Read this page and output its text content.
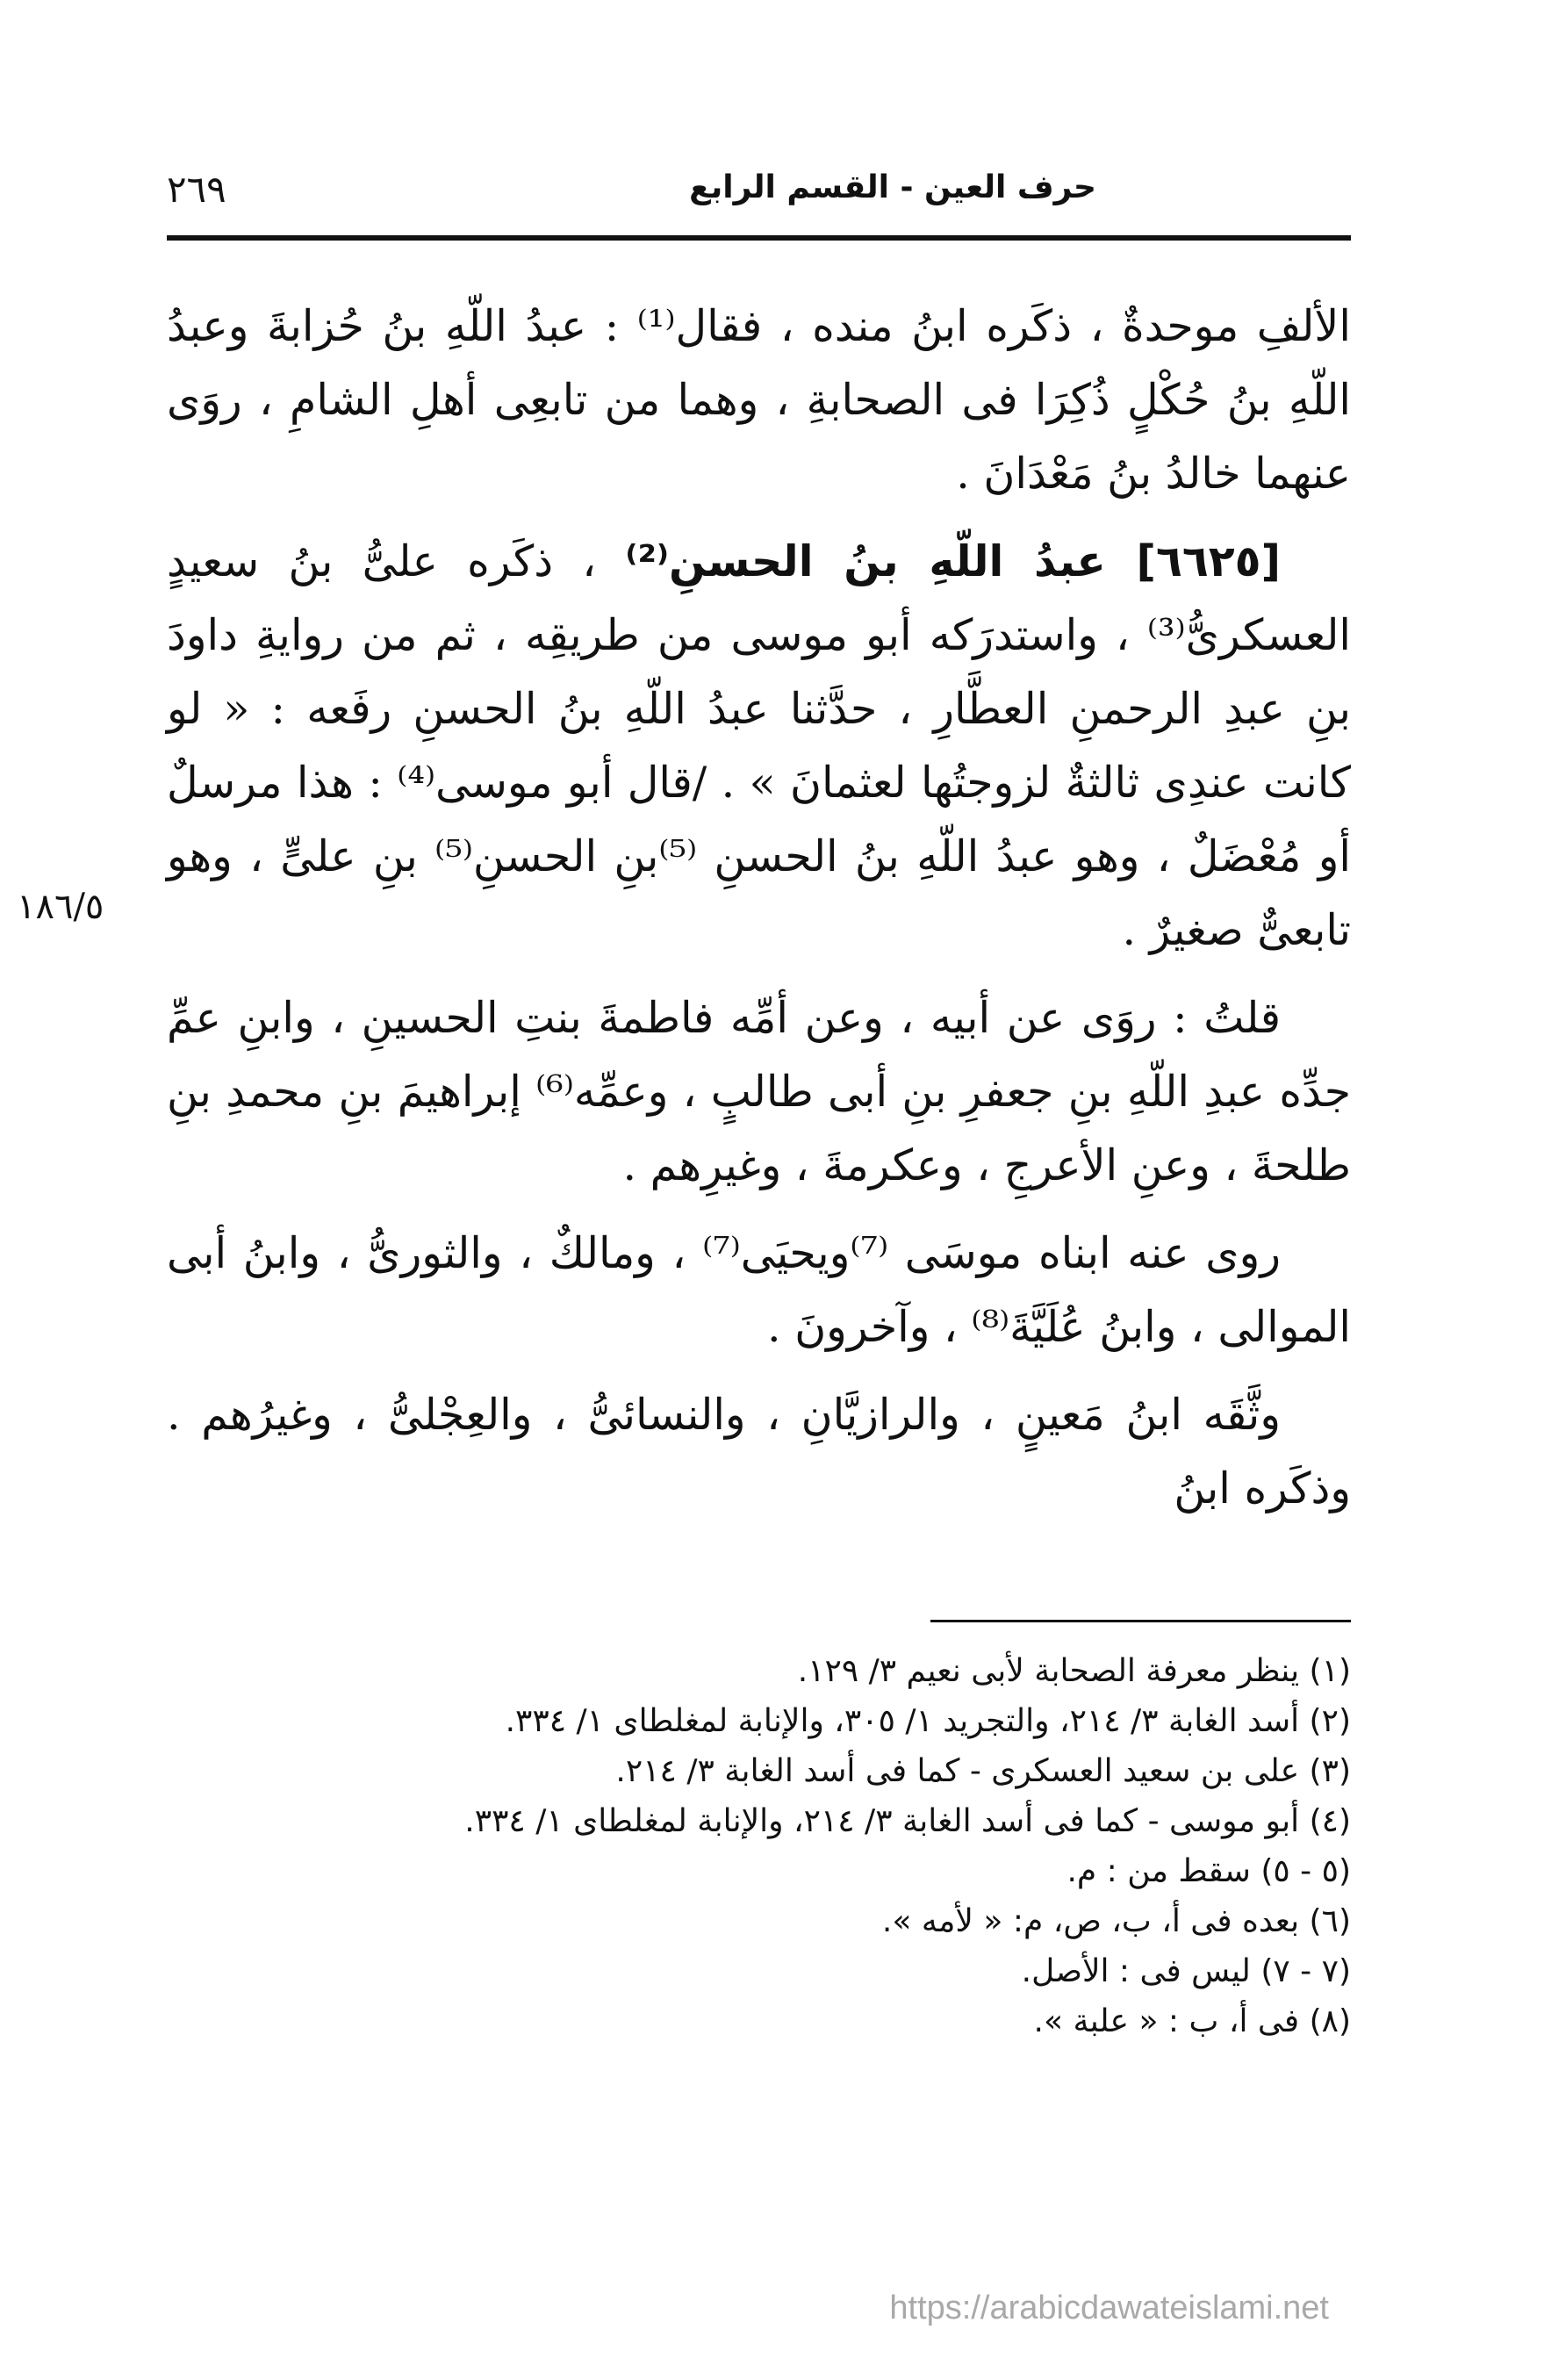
حرف العين - القسم الرابع
٢٦٩

الألفِ موحدةٌ ، ذكَره ابنُ منده ، فقال⁽¹⁾ : عبدُ اللّهِ بنُ حُزابةَ وعبدُ اللّهِ بنُ حُكْلٍ ذُكِرَا فى الصحابةِ ، وهما من تابعِى أهلِ الشامِ ، روَى عنهما خالدُ بنُ مَعْدَانَ .

[٦٦٢٥] عبدُ اللّهِ بنُ الحسنِ⁽²⁾ ، ذكَره علىُّ بنُ سعيدٍ العسكرىُّ⁽³⁾ ، واستدرَكه أبو موسى من طريقِه ، ثم من روايةِ داودَ بنِ عبدِ الرحمنِ العطَّارِ ، حدَّثنا عبدُ اللّهِ بنُ الحسنِ رفَعه : « لو كانت عندِى ثالثةٌ لزوجتُها لعثمانَ » . /قال أبو موسى⁽⁴⁾ : هذا مرسلٌ أو مُعْضَلٌ ، وهو عبدُ اللّهِ بنُ الحسنِ ⁽⁵⁾بنِ الحسنِ⁽⁵⁾ بنِ علىٍّ ، وهو تابعىٌّ صغيرٌ .

قلتُ : روَى عن أبيه ، وعن أمِّه فاطمةَ بنتِ الحسينِ ، وابنِ عمِّ جدِّه عبدِ اللّهِ بنِ جعفرِ بنِ أبى طالبٍ ، وعمِّه⁽⁶⁾ إبراهيمَ بنِ محمدِ بنِ طلحةَ ، وعنِ الأعرجِ ، وعكرمةَ ، وغيرِهم .

روى عنه ابناه موسَى ⁽⁷⁾ويحيَى⁽⁷⁾ ، ومالكٌ ، والثورىُّ ، وابنُ أبى الموالى ، وابنُ عُلَيَّةَ⁽⁸⁾ ، وآخرونَ .

وثَّقَه ابنُ مَعينٍ ، والرازيَّانِ ، والنسائىُّ ، والعِجْلىُّ ، وغيرُهم . وذكَره ابنُ

١٨٦/٥
(١) ينظر معرفة الصحابة لأبى نعيم ٣/ ١٢٩.
(٢) أسد الغابة ٣/ ٢١٤، والتجريد ١/ ٣٠٥، والإنابة لمغلطاى ١/ ٣٣٤.
(٣) على بن سعيد العسكرى - كما فى أسد الغابة ٣/ ٢١٤.
(٤) أبو موسى - كما فى أسد الغابة ٣/ ٢١٤، والإنابة لمغلطاى ١/ ٣٣٤.
(٥ - ٥) سقط من : م.
(٦) بعده فى أ، ب، ص، م: « لأمه ».
(٧ - ٧) ليس فى : الأصل.
(٨) فى أ، ب : « علبة ».
https://arabicdawateislami.net
